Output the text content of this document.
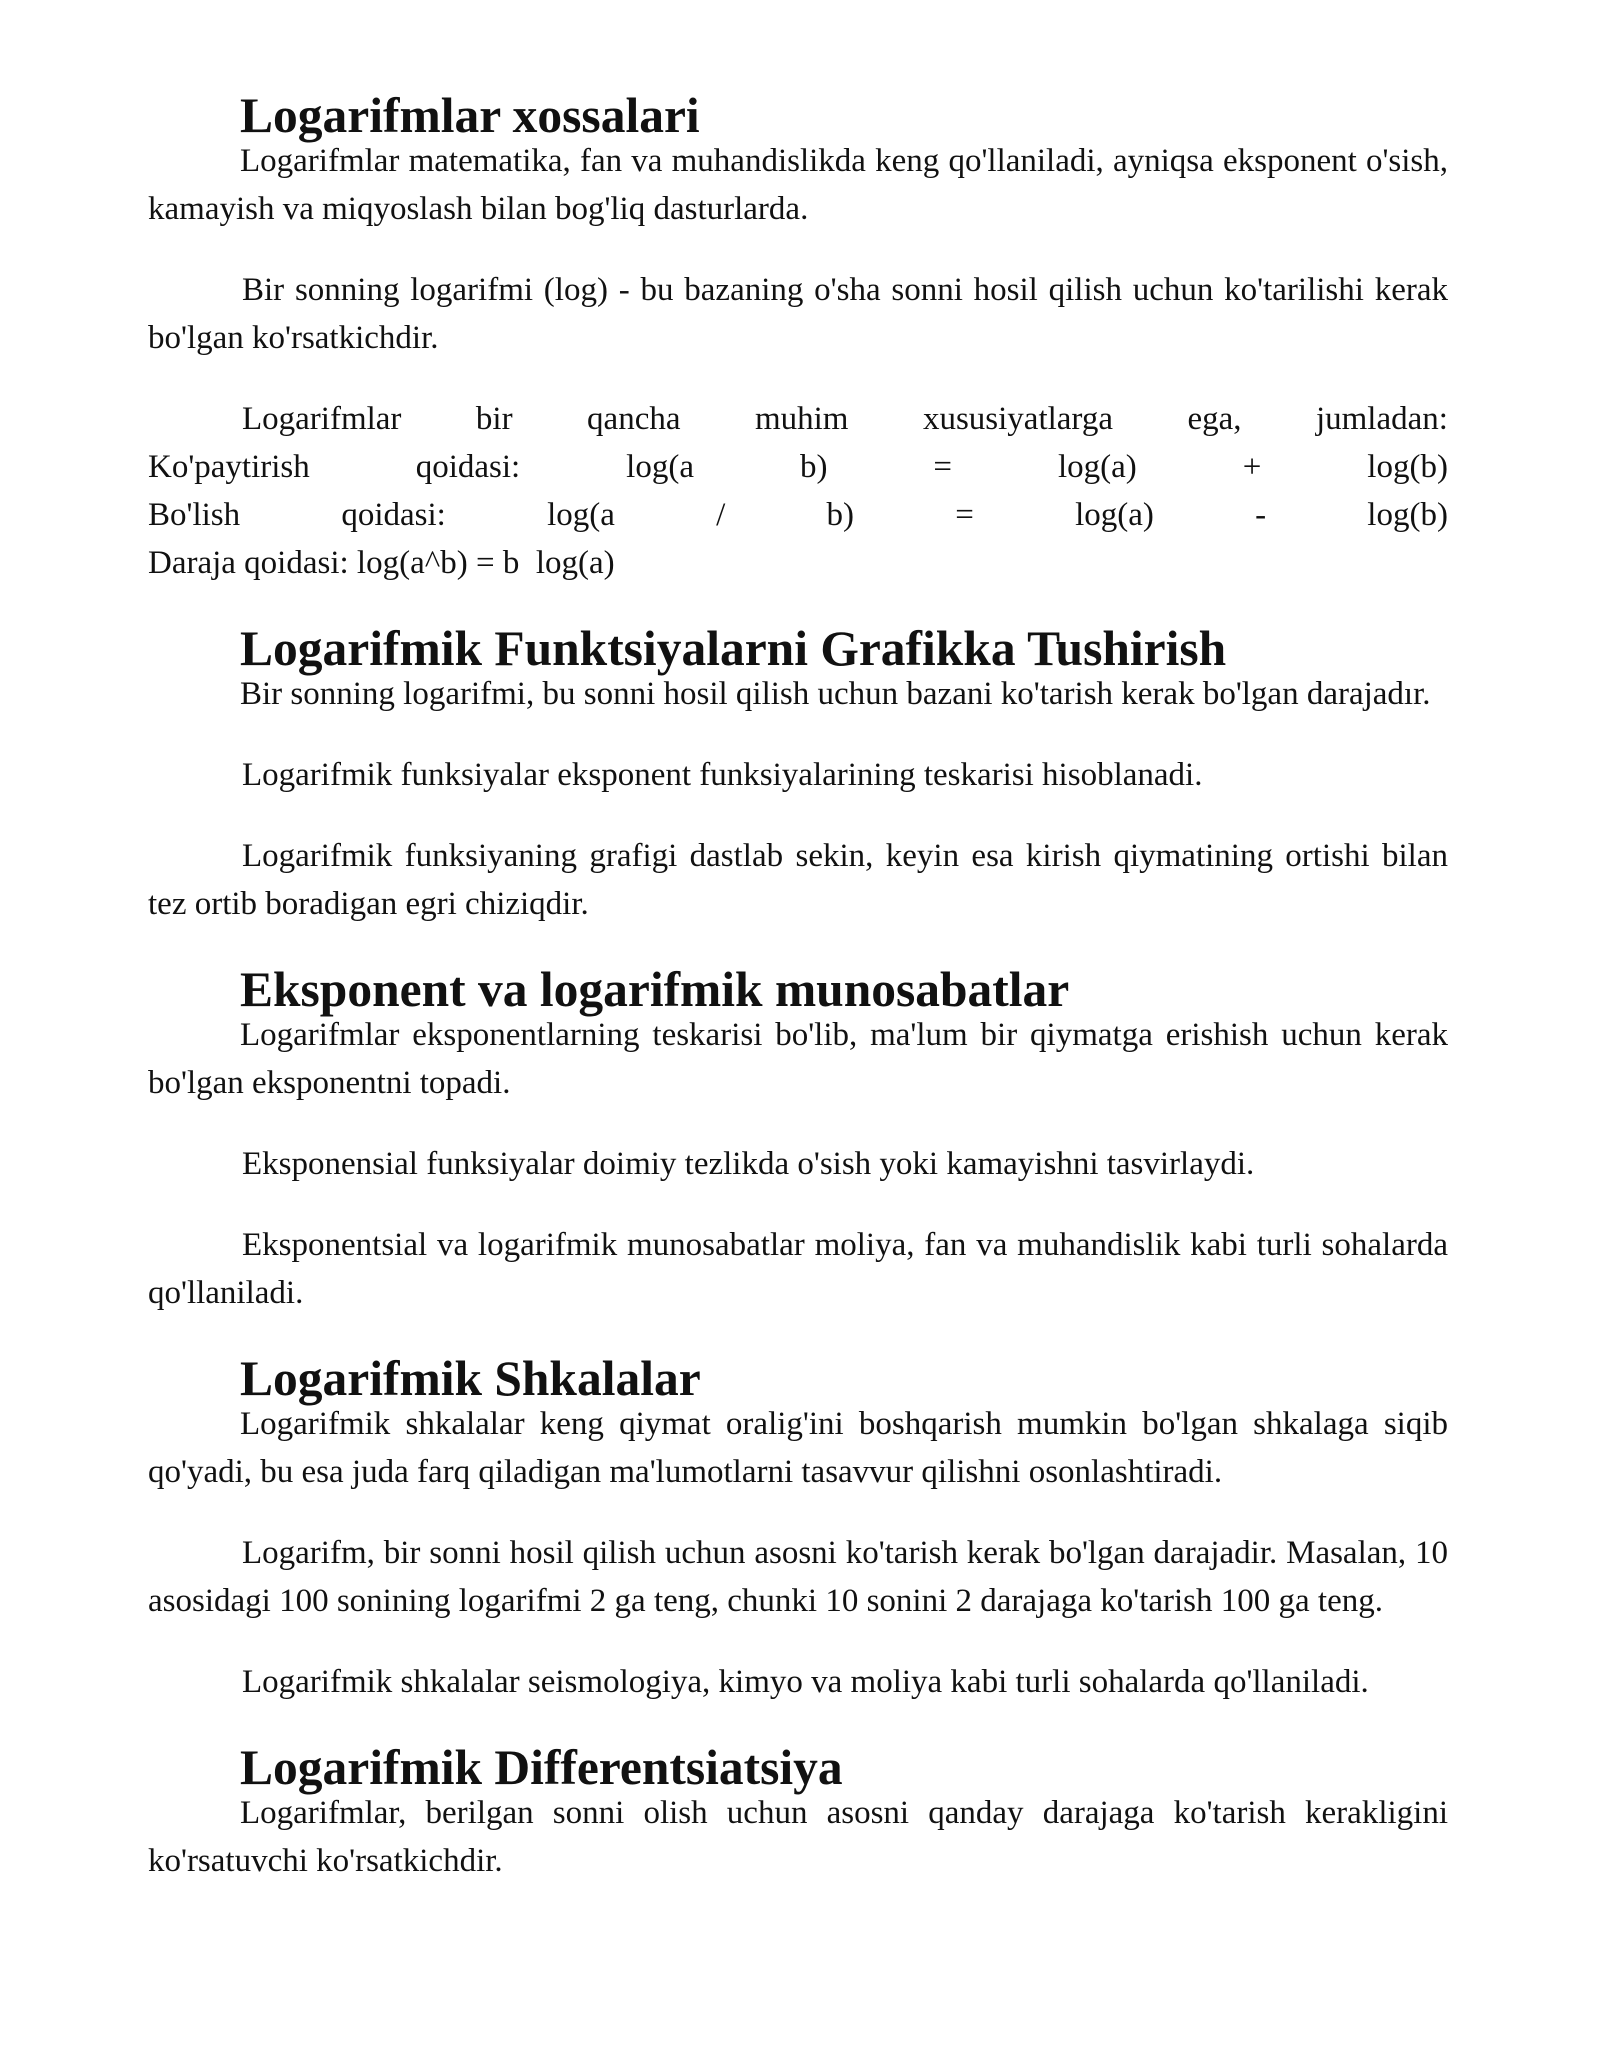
Logarifmlar xossalari

Logarifmlar matematika, fan va muhandislikda keng qo'llaniladi, ayniqsa eksponent o'sish, kamayish va miqyoslash bilan bog'liq dasturlarda.

Bir sonning logarifmi (log) - bu bazaning o'sha sonni hosil qilish uchun ko'tarilishi kerak bo'lgan ko'rsatkichdir.

Logarifmlar bir qancha muhim xususiyatlarga ega, jumladan:
Ko'paytirish	qoidasi:	log(a	b)	=	log(a)	+	log(b)
Bo'lish	qoidasi:	log(a	/	b)	=	log(a)	-	log(b)
Daraja qoidasi: log(a^b) = b  log(a)
Logarifmik Funktsiyalarni Grafikka Tushirish

Bir sonning logarifmi, bu sonni hosil qilish uchun bazani ko'tarish kerak bo'lgan darajadır.

Logarifmik funksiyalar eksponent funksiyalarining teskarisi hisoblanadi.

Logarifmik funksiyaning grafigi dastlab sekin, keyin esa kirish qiymatining ortishi bilan tez ortib boradigan egri chiziqdir.

Eksponent va logarifmik munosabatlar

Logarifmlar eksponentlarning teskarisi bo'lib, ma'lum bir qiymatga erishish uchun kerak bo'lgan eksponentni topadi.

Eksponensial funksiyalar doimiy tezlikda o'sish yoki kamayishni tasvirlaydi.

Eksponentsial va logarifmik munosabatlar moliya, fan va muhandislik kabi turli sohalarda qo'llaniladi.

Logarifmik Shkalalar

Logarifmik shkalalar keng qiymat oralig'ini boshqarish mumkin bo'lgan shkalaga siqib qo'yadi, bu esa juda farq qiladigan ma'lumotlarni tasavvur qilishni osonlashtiradi.

Logarifm, bir sonni hosil qilish uchun asosni ko'tarish kerak bo'lgan darajadir. Masalan, 10 asosidagi 100 sonining logarifmi 2 ga teng, chunki 10 sonini 2 darajaga ko'tarish 100 ga teng.

Logarifmik shkalalar seismologiya, kimyo va moliya kabi turli sohalarda qo'llaniladi.

Logarifmik Differentsiatsiya

Logarifmlar, berilgan sonni olish uchun asosni qanday darajaga ko'tarish kerakligini ko'rsatuvchi ko'rsatkichdir.
